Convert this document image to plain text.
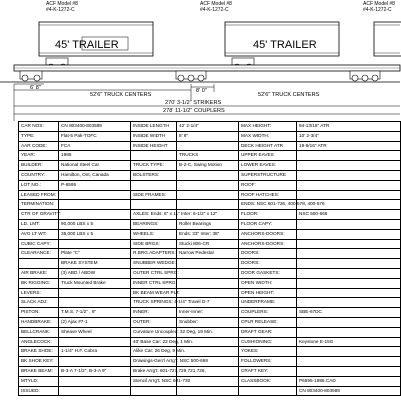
ACF Model #8
#4-K-1272-C
ACF Model #8
#4-K-1272-C
ACF Model #8
#4-K-1272-C
45' TRAILER	45' TRAILER
6' 8"
52'6" TRUCK CENTERS
8' 0"
52'6" TRUCK CENTERS
270' 3-1/2" STRIKERS
278' 11-1/2" COUPLERS
CAR NOS:	CN 803400-803589	INSIDE LENGTH	42' 2-1/4"	MAX HEIGHT:	94-13/16" ATR
TYPE:	Flat-5 Pak-TOFC	INSIDE WIDTH	8' 9"	MAX WIDTH:	10' 2-3/4"
AAR CODE:	FCA	INSIDE HEIGHT		DECK HEIGHT ATR	19-9/16" ATR
YEAR:	1985		TRUCKS	UPPER EAVES	
BUILDER:	National Steel Car	TRUCK TYPE:	B-2-C, Swing Motion	LOWER EAVES:	
COUNTRY:	Hamilton, Ont, Canada	BOLSTERS:		SUPERSTRUCTURE	
LOT NO.:	P-6595			ROOF:	
LEASED FROM:		SIDE FRAMES:		ROOF HATCHES:	
TERMINATION:				ENDS: NSC 601-726, 400-578, 400-576	
CTR OF GRAVITY:		AXLES: Ends: 6" x 11" Inter: 6-1/2" x 12"		FLOOR:	NSC 500-666
LD. LMT:	90,000 LBS x 5	BEARINGS:	Roller Bearings	FLOOR CAPY:	
AVG LT WT:	35,000 LBS x 5	WHEELS:	Ends: 33" Inter: 38"	ANCHORS-DOORS:	
CUBIC CAPY:		SIDE BRGS:	Stucki 806-CR	ANCHORS-DOORS:	
CLEARANCE:	Plate "C"	R.BRG.ADAPTERS:	Narrow Pedestal	DOORS:	
	BRAKE SYSTEM	SNUBBER WEDGE:		DOORS:	
AIR BRAKE:	(3) ABD / ABDW	OUTER CTRL SPRG:		DOOR GASKETS:	
BK RIGGING:	Truck Mounted Brake	INNER CTRL SPRG:		OPEN WIDTH:	
LEVERS:		BK BEAM WEAR PLT:		OPEN HEIGHT:	
SLACK ADJ:		TRUCK SPRINGS: 4-1/4" Travel D-7		UNDERFRAME:	
PISTON:	T.M.S. 7-1/2" , 9"	INNER:	Inner-Inner:	COUPLERS:	SBE-67DC
HANDBRAKE:	(2) Ajax #7-1	OUTER:	Snubber:	CPLR RELEASE:	
BELLCRANK:	Sheave Wheel	Curvature Uncoupled: 32 Deg, 19 Min.		DRAFT GEAR:	
ANGLECOCK:		40' Base Car: 22 Deg, 1 Min.		CUSHIONING:	Keystone E-15G
BRAKE SHOE:	1-1/4" H.F. Cobra	Alike Car: 26 Deg, 9 Min.		YOKES:	
BK SHOE KEY:		Drawings-Gen'l Arrg't: NSC 500-668		FOLLOWERS:	
BRAKE BEAM:	B-3-A 7-1/2", B-3-A 9"	Brake Arrg't: 601-727,729,721,726,		CRAFT KEY:	
MTYLD:		Stencil Arrg't: NSC 601-730		CLASSBOOK:	P6595-1986.CAD
ISSUED:					CN 803400-803589
